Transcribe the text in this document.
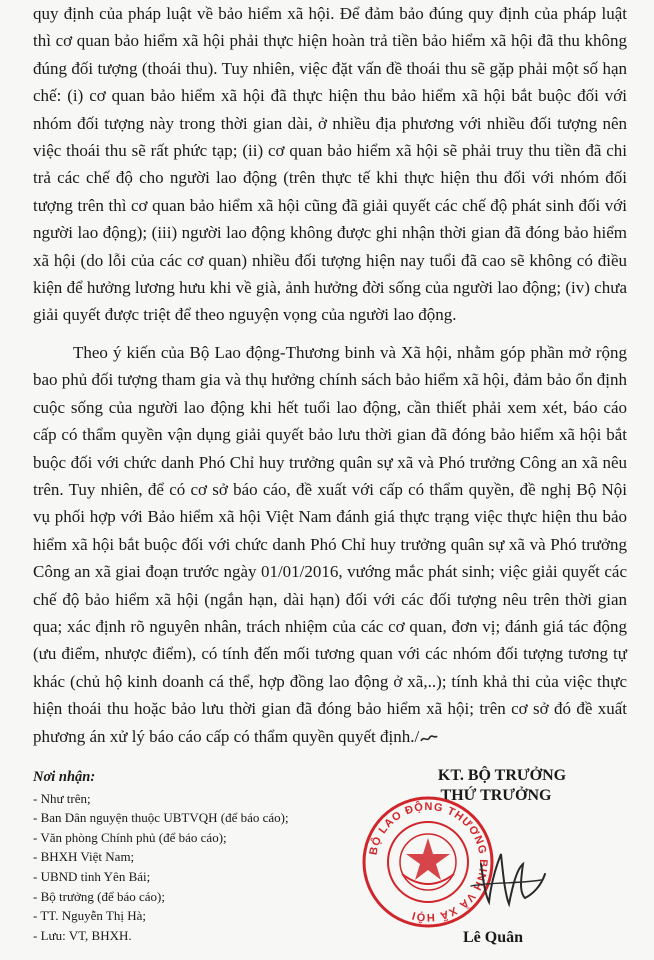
quy định của pháp luật về bảo hiểm xã hội. Để đảm bảo đúng quy định của pháp luật thì cơ quan bảo hiểm xã hội phải thực hiện hoàn trả tiền bảo hiểm xã hội đã thu không đúng đối tượng (thoái thu). Tuy nhiên, việc đặt vấn đề thoái thu sẽ gặp phải một số hạn chế: (i) cơ quan bảo hiểm xã hội đã thực hiện thu bảo hiểm xã hội bắt buộc đối với nhóm đối tượng này trong thời gian dài, ở nhiều địa phương với nhiều đối tượng nên việc thoái thu sẽ rất phức tạp; (ii) cơ quan bảo hiểm xã hội sẽ phải truy thu tiền đã chi trả các chế độ cho người lao động (trên thực tế khi thực hiện thu đối với nhóm đối tượng trên thì cơ quan bảo hiểm xã hội cũng đã giải quyết các chế độ phát sinh đối với người lao động); (iii) người lao động không được ghi nhận thời gian đã đóng bảo hiểm xã hội (do lỗi của các cơ quan) nhiều đối tượng hiện nay tuổi đã cao sẽ không có điều kiện để hưởng lương hưu khi về già, ảnh hưởng đời sống của người lao động; (iv) chưa giải quyết được triệt để theo nguyện vọng của người lao động.

Theo ý kiến của Bộ Lao động-Thương binh và Xã hội, nhằm góp phần mở rộng bao phủ đối tượng tham gia và thụ hưởng chính sách bảo hiểm xã hội, đảm bảo ổn định cuộc sống của người lao động khi hết tuổi lao động, cần thiết phải xem xét, báo cáo cấp có thẩm quyền vận dụng giải quyết bảo lưu thời gian đã đóng bảo hiểm xã hội bắt buộc đối với chức danh Phó Chỉ huy trưởng quân sự xã và Phó trưởng Công an xã nêu trên. Tuy nhiên, để có cơ sở báo cáo, đề xuất với cấp có thẩm quyền, đề nghị Bộ Nội vụ phối hợp với Bảo hiểm xã hội Việt Nam đánh giá thực trạng việc thực hiện thu bảo hiểm xã hội bắt buộc đối với chức danh Phó Chỉ huy trưởng quân sự xã và Phó trưởng Công an xã giai đoạn trước ngày 01/01/2016, vướng mắc phát sinh; việc giải quyết các chế độ bảo hiểm xã hội (ngắn hạn, dài hạn) đối với các đối tượng nêu trên thời gian qua; xác định rõ nguyên nhân, trách nhiệm của các cơ quan, đơn vị; đánh giá tác động (ưu điểm, nhược điểm), có tính đến mối tương quan với các nhóm đối tượng tương tự khác (chủ hộ kinh doanh cá thể, hợp đồng lao động ở xã,..); tính khả thi của việc thực hiện thoái thu hoặc bảo lưu thời gian đã đóng bảo hiểm xã hội; trên cơ sở đó đề xuất phương án xử lý báo cáo cấp có thẩm quyền quyết định./

Nơi nhận:
- Như trên;
- Ban Dân nguyện thuộc UBTVQH (để báo cáo);
- Văn phòng Chính phủ (để báo cáo);
- BHXH Việt Nam;
- UBND tỉnh Yên Bái;
- Bộ trưởng (để báo cáo);
- TT. Nguyễn Thị Hà;
- Lưu: VT, BHXH.
KT. BỘ TRƯỞNG
THỨ TRƯỞNG
BỘ LAO ĐỘNG THƯƠNG BINH VÀ XÃ HỘI
Lê Quân
